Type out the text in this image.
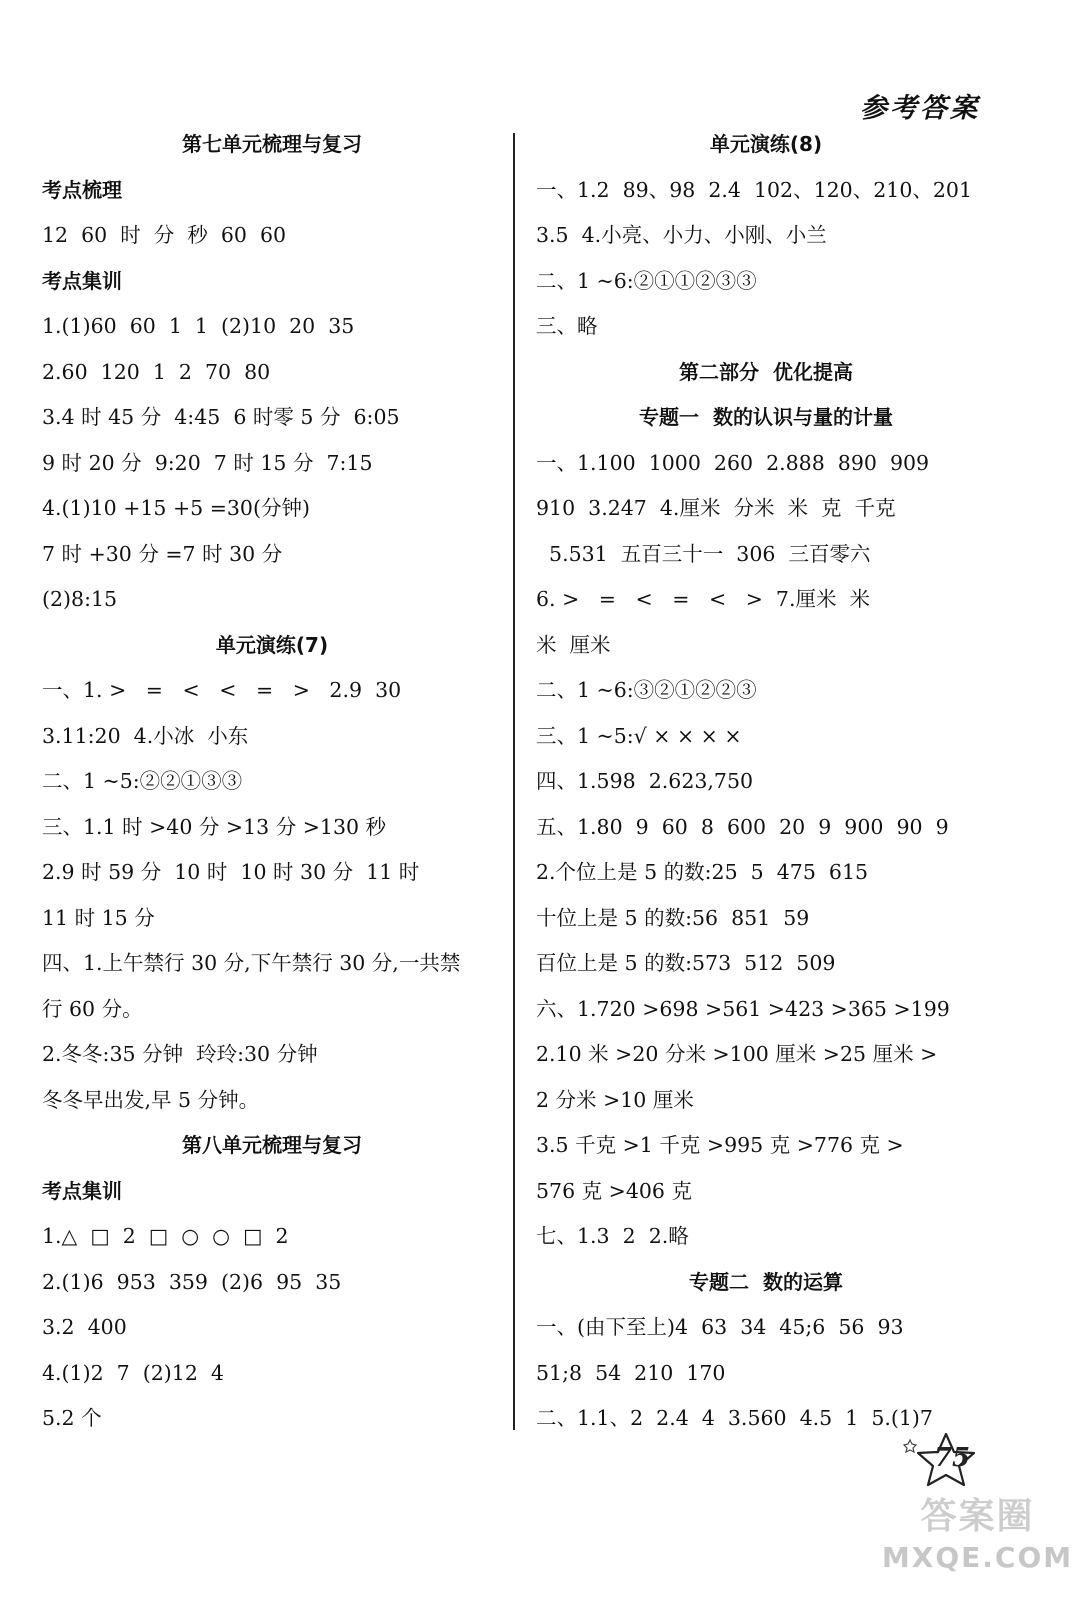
参考答案
第七单元梳理与复习
考点梳理
12  60  时  分  秒  60  60
考点集训
1.(1)60  60  1  1  (2)10  20  35
2.60  120  1  2  70  80
3.4 时 45 分  4:45  6 时零 5 分  6:05
9 时 20 分  9:20  7 时 15 分  7:15
4.(1)10 +15 +5 =30(分钟)
7 时 +30 分 =7 时 30 分
(2)8:15
单元演练(7)
一、1. >   =   <   <   =   >   2.9  30
3.11:20  4.小冰  小东
二、1 ~5:②②①③③
三、1.1 时 >40 分 >13 分 >130 秒
2.9 时 59 分  10 时  10 时 30 分  11 时
11 时 15 分
四、1.上午禁行 30 分,下午禁行 30 分,一共禁
行 60 分。
2.冬冬:35 分钟  玲玲:30 分钟
冬冬早出发,早 5 分钟。
第八单元梳理与复习
考点集训
1.△  □  2  □  ○  ○  □  2
2.(1)6  953  359  (2)6  95  35
3.2  400
4.(1)2  7  (2)12  4
5.2 个
单元演练(8)
一、1.2  89、98  2.4  102、120、210、201
3.5  4.小亮、小力、小刚、小兰
二、1 ~6:②①①②③③
三、略
第二部分  优化提高
专题一  数的认识与量的计量
一、1.100  1000  260  2.888  890  909
910  3.247  4.厘米  分米  米  克  千克
5.531  五百三十一  306  三百零六
6. >   =   <   =   <   >  7.厘米  米
米  厘米
二、1 ~6:③②①②②③
三、1 ~5:√ × × × ×
四、1.598  2.623,750
五、1.80  9  60  8  600  20  9  900  90  9
2.个位上是 5 的数:25  5  475  615
十位上是 5 的数:56  851  59
百位上是 5 的数:573  512  509
六、1.720 >698 >561 >423 >365 >199
2.10 米 >20 分米 >100 厘米 >25 厘米 >
2 分米 >10 厘米
3.5 千克 >1 千克 >995 克 >776 克 >
576 克 >406 克
七、1.3  2  2.略
专题二  数的运算
一、(由下至上)4  63  34  45;6  56  93
51;8  54  210  170
二、1.1、2  2.4  4  3.560  4.5  1  5.(1)7
75
答案圈
MXQE.COM
